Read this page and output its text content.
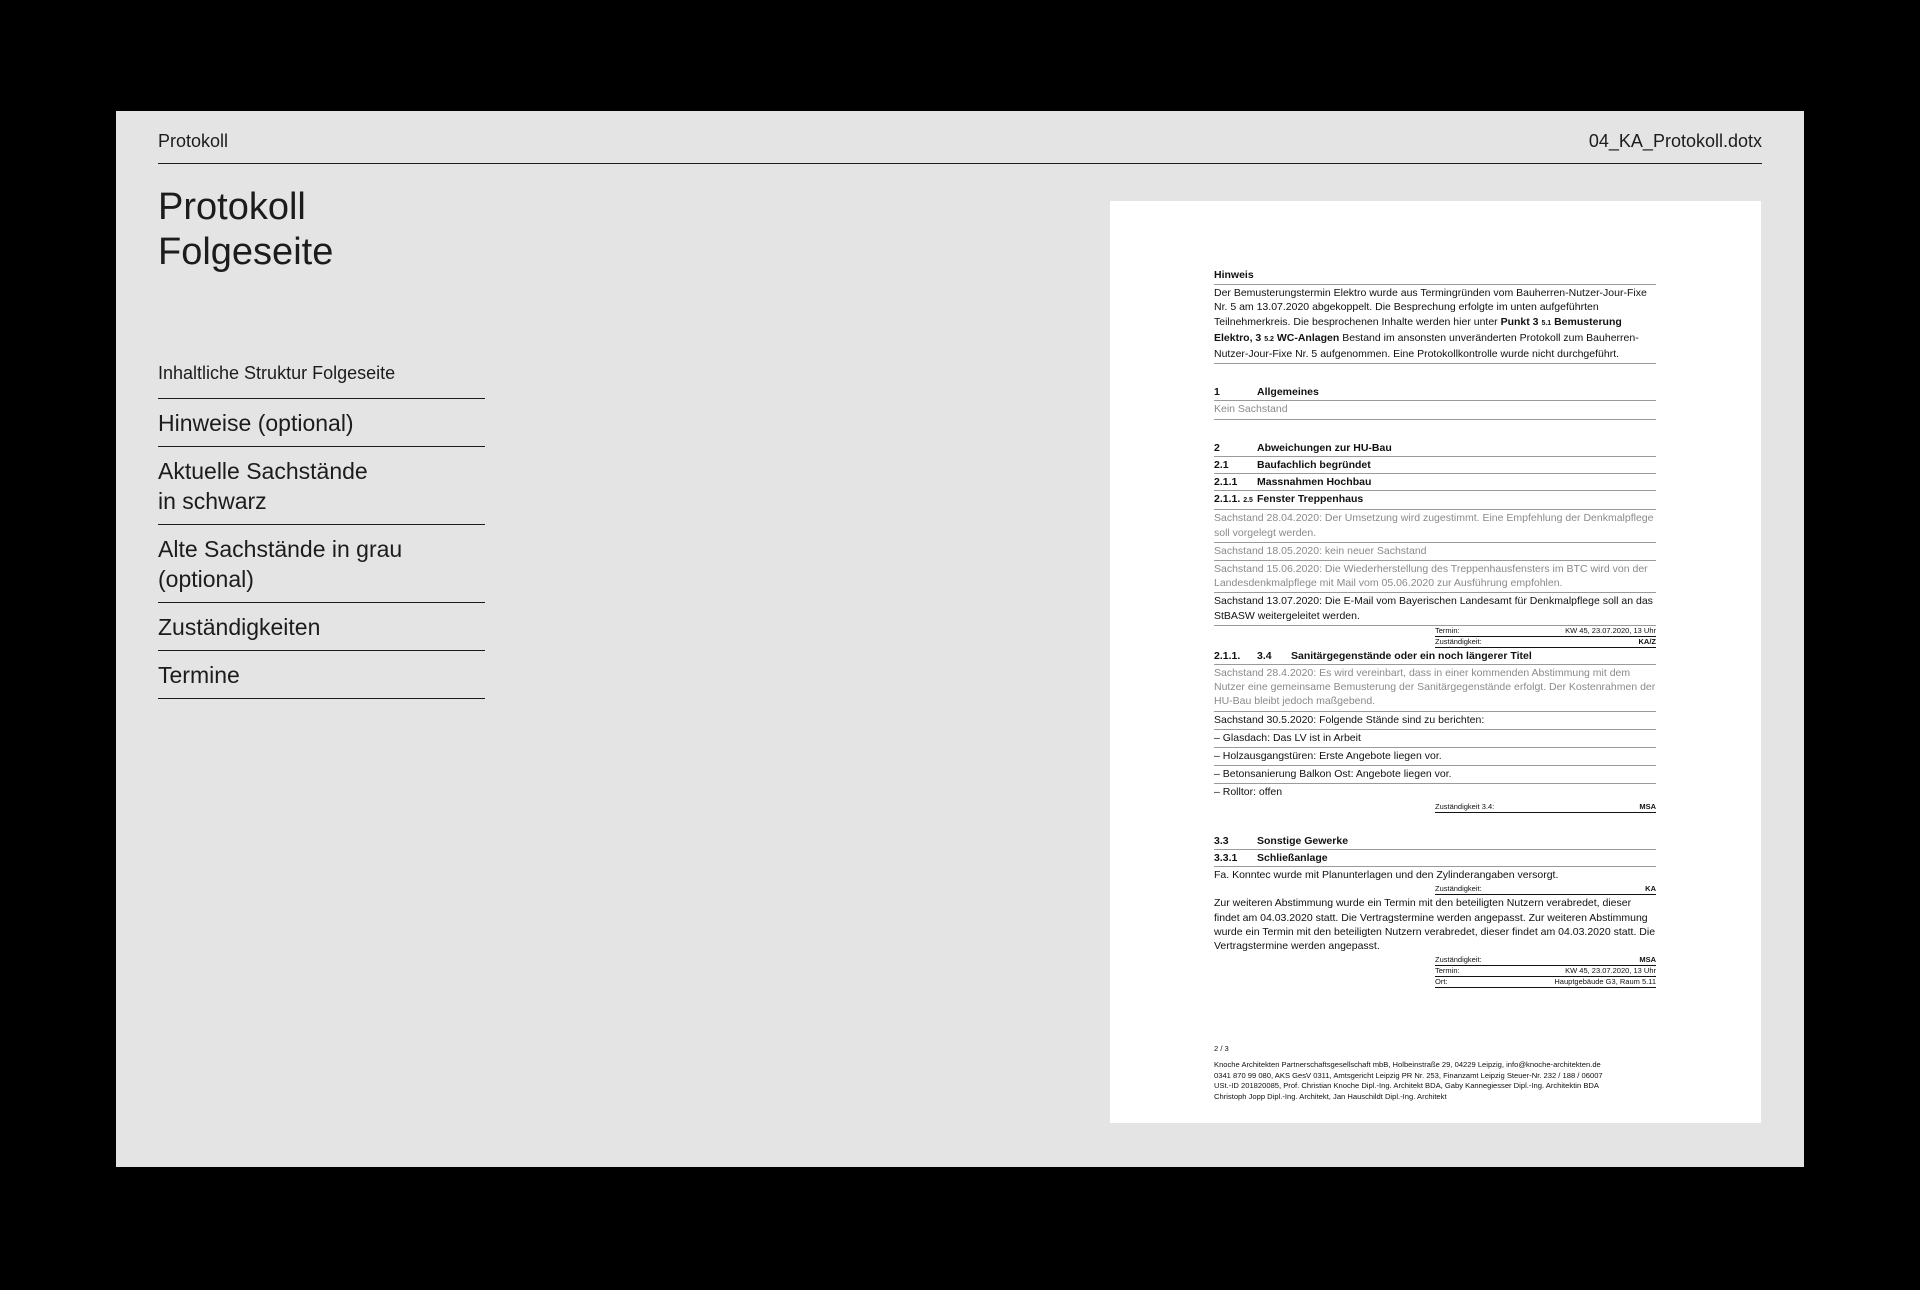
Protokoll	04_KA_Protokoll.dotx
Protokoll
Folgeseite
Inhaltliche Struktur Folgeseite
Hinweise (optional)
Aktuelle Sachstände
in schwarz
Alte Sachstände in grau
(optional)
Zuständigkeiten
Termine
Hinweis
Der Bemusterungstermin Elektro wurde aus Termingründen vom Bauherren-Nutzer-Jour-Fixe Nr. 5 am 13.07.2020 abgekoppelt. Die Besprechung erfolgte im unten aufgeführten Teilnehmerkreis. Die besprochenen Inhalte werden hier unter Punkt 3 5.1 Bemusterung Elektro, 3 5.2 WC-Anlagen Bestand im ansonsten unveränderten Protokoll zum Bauherren-Nutzer-Jour-Fixe Nr. 5 aufgenommen. Eine Protokollkontrolle wurde nicht durchgeführt.
1	Allgemeines
Kein Sachstand
2	Abweichungen zur HU-Bau
2.1	Baufachlich begründet
2.1.1	Massnahmen Hochbau
2.1.1. 2.5 Fenster Treppenhaus
Sachstand 28.04.2020: Der Umsetzung wird zugestimmt. Eine Empfehlung der Denkmalpflege soll vorgelegt werden.
Sachstand 18.05.2020: kein neuer Sachstand
Sachstand 15.06.2020: Die Wiederherstellung des Treppenhausfensters im BTC wird von der Landesdenkmalpflege mit Mail vom 05.06.2020 zur Ausführung empfohlen.
Sachstand 13.07.2020: Die E-Mail vom Bayerischen Landesamt für Denkmalpflege soll an das StBASW weitergeleitet werden.
Termin:	KW 45, 23.07.2020, 13 Uhr
Zuständigkeit:	KA/Z
2.1.1.	3.4	Sanitärgegenstände oder ein noch längerer Titel
Sachstand 28.4.2020: Es wird vereinbart, dass in einer kommenden Abstimmung mit dem Nutzer eine gemeinsame Bemusterung der Sanitärgegenstände erfolgt. Der Kostenrahmen der HU-Bau bleibt jedoch maßgebend.
Sachstand 30.5.2020: Folgende Stände sind zu berichten:
– Glasdach: Das LV ist in Arbeit
– Holzausgangstüren: Erste Angebote liegen vor.
– Betonsanierung Balkon Ost: Angebote liegen vor.
– Rolltor: offen
Zuständigkeit 3.4:	MSA
3.3	Sonstige Gewerke
3.3.1	Schließanlage
Fa. Konntec wurde mit Planunterlagen und den Zylinderangaben versorgt.
Zuständigkeit:	KA
Zur weiteren Abstimmung wurde ein Termin mit den beteiligten Nutzern verabredet, dieser findet am 04.03.2020 statt. Die Vertragstermine werden angepasst. Zur weiteren Abstimmung wurde ein Termin mit den beteiligten Nutzern verabredet, dieser findet am 04.03.2020 statt. Die Vertragstermine werden angepasst.
Zuständigkeit:	MSA
Termin:	KW 45, 23.07.2020, 13 Uhr
Ort:	Hauptgebäude G3, Raum 5.11
2 / 3
Knoche Architekten Partnerschaftsgesellschaft mbB, Holbeinstraße 29, 04229 Leipzig, info@knoche-architekten.de
0341 870 99 080, AKS GesV 0311, Amtsgericht Leipzig PR Nr. 253, Finanzamt Leipzig Steuer-Nr. 232 / 188 / 06007
USt.-ID 201820085, Prof. Christian Knoche Dipl.-Ing. Architekt BDA, Gaby Kannegiesser Dipl.-Ing. Architektin BDA
Christoph Jopp Dipl.-Ing. Architekt, Jan Hauschildt Dipl.-Ing. Architekt
